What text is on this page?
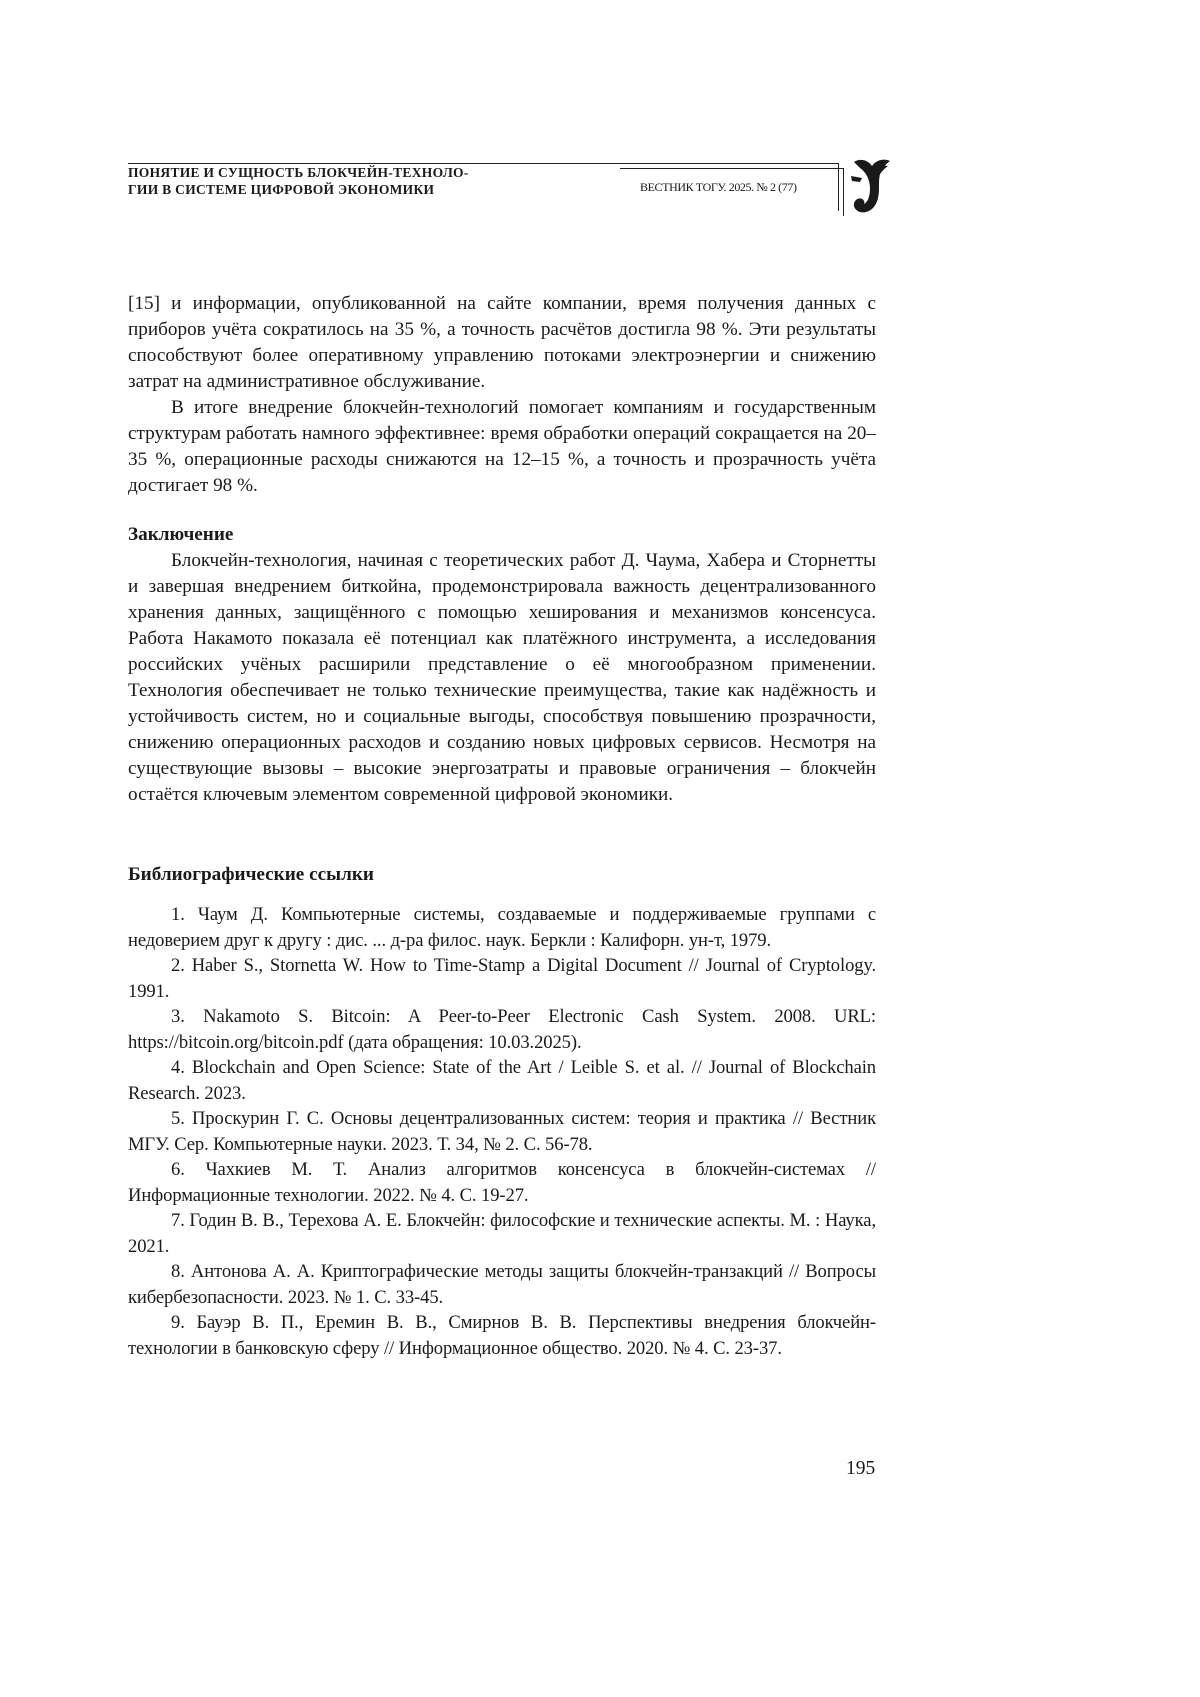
ПОНЯТИЕ И СУЩНОСТЬ БЛОКЧЕЙН-ТЕХНОЛО-
ГИИ В СИСТЕМЕ ЦИФРОВОЙ ЭКОНОМИКИ	ВЕСТНИК ТОГУ. 2025. № 2 (77)

[15] и информации, опубликованной на сайте компании, время получения данных с приборов учёта сократилось на 35 %, а точность расчётов достигла 98 %. Эти результаты способствуют более оперативному управлению потоками электроэнергии и снижению затрат на административное обслуживание.

В итоге внедрение блокчейн-технологий помогает компаниям и государственным структурам работать намного эффективнее: время обработки операций сокращается на 20–35 %, операционные расходы снижаются на 12–15 %, а точность и прозрачность учёта достигает 98 %.

Заключение

Блокчейн-технология, начиная с теоретических работ Д. Чаума, Хабера и Сторнетты и завершая внедрением биткойна, продемонстрировала важность децентрализованного хранения данных, защищённого с помощью хеширования и механизмов консенсуса. Работа Накамото показала её потенциал как платёжного инструмента, а исследования российских учёных расширили представление о её многообразном применении. Технология обеспечивает не только технические преимущества, такие как надёжность и устойчивость систем, но и социальные выгоды, способствуя повышению прозрачности, снижению операционных расходов и созданию новых цифровых сервисов. Несмотря на существующие вызовы – высокие энергозатраты и правовые ограничения – блокчейн остаётся ключевым элементом современной цифровой экономики.

Библиографические ссылки

1. Чаум Д. Компьютерные системы, создаваемые и поддерживаемые группами с недоверием друг к другу : дис. ... д-ра филос. наук. Беркли : Калифорн. ун-т, 1979.

2. Haber S., Stornetta W. How to Time-Stamp a Digital Document // Journal of Cryptology. 1991.

3. Nakamoto S. Bitcoin: A Peer-to-Peer Electronic Cash System. 2008. URL: https://bitcoin.org/bitcoin.pdf (дата обращения: 10.03.2025).

4. Blockchain and Open Science: State of the Art / Leible S. et al. // Journal of Blockchain Research. 2023.

5. Проскурин Г. С. Основы децентрализованных систем: теория и практика // Вестник МГУ. Сер. Компьютерные науки. 2023. Т. 34, № 2. С. 56-78.

6. Чахкиев М. Т. Анализ алгоритмов консенсуса в блокчейн-системах // Информационные технологии. 2022. № 4. С. 19-27.

7. Годин В. В., Терехова А. Е. Блокчейн: философские и технические аспекты. М. : Наука, 2021.

8. Антонова А. А. Криптографические методы защиты блокчейн-транзакций // Вопросы кибербезопасности. 2023. № 1. С. 33-45.

9. Бауэр В. П., Еремин В. В., Смирнов В. В. Перспективы внедрения блокчейн-технологии в банковскую сферу // Информационное общество. 2020. № 4. С. 23-37.

195
